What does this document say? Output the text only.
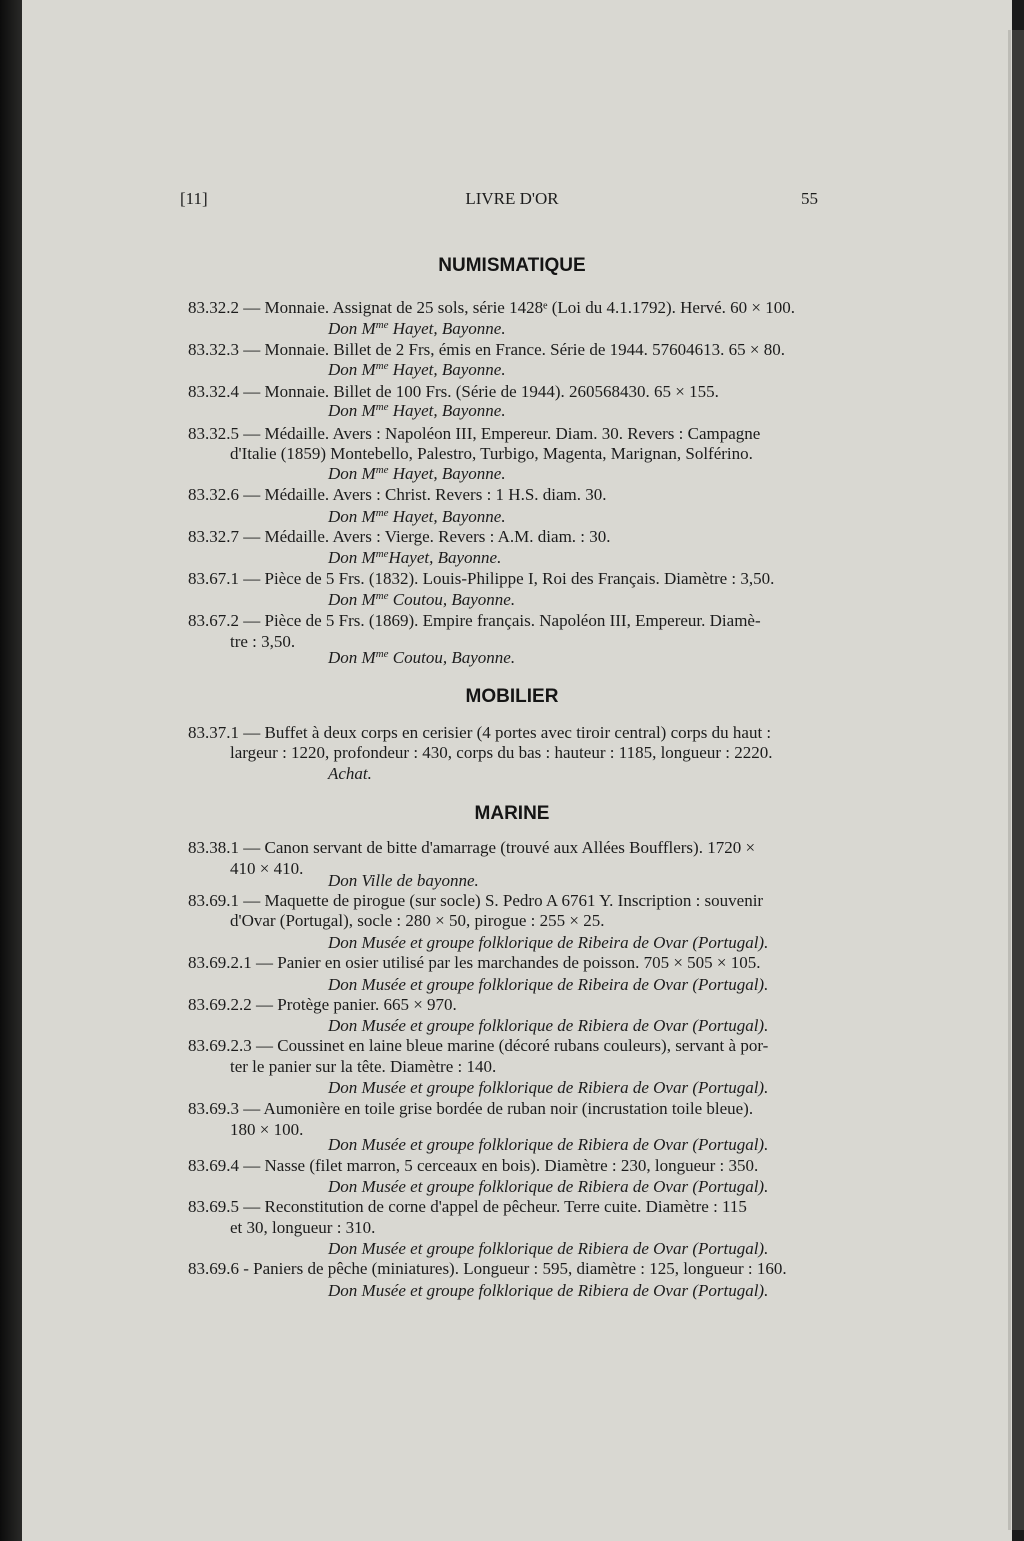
[11]	LIVRE D'OR	55
NUMISMATIQUE
MOBILIER
MARINE
83.32.2 — Monnaie. Assignat de 25 sols, série 1428ᵉ (Loi du 4.1.1792). Hervé. 60 × 100.
Don $M^{me}$ Hayet, Bayonne.
83.32.3 — Monnaie. Billet de 2 Frs, émis en France. Série de 1944. 57604613. 65 × 80.
Don $M^{me}$ Hayet, Bayonne.
83.32.4 — Monnaie. Billet de 100 Frs. (Série de 1944). 260568430. 65 × 155.
Don $M^{me}$ Hayet, Bayonne.
83.32.5 — Médaille. Avers : Napoléon III, Empereur. Diam. 30. Revers : Campagne
d'Italie (1859) Montebello, Palestro, Turbigo, Magenta, Marignan, Solférino.
Don $M^{me}$ Hayet, Bayonne.
83.32.6 — Médaille. Avers : Christ. Revers : 1 H.S. diam. 30.
Don $M^{me}$ Hayet, Bayonne.
83.32.7 — Médaille. Avers : Vierge. Revers : A.M. diam. : 30.
Don $M^{me}Hayet$, Bayonne.
83.67.1 — Pièce de 5 Frs. (1832). Louis-Philippe I, Roi des Français. Diamètre : 3,50.
Don $M^{me}$ Coutou, Bayonne.
83.67.2 — Pièce de 5 Frs. (1869). Empire français. Napoléon III, Empereur. Diamè-
tre : 3,50.
Don $M^{me}$ Coutou, Bayonne.
83.37.1 — Buffet à deux corps en cerisier (4 portes avec tiroir central) corps du haut :
largeur : 1220, profondeur : 430, corps du bas : hauteur : 1185, longueur : 2220.
Achat.
83.38.1 — Canon servant de bitte d'amarrage (trouvé aux Allées Boufflers). 1720 ×
410 × 410.
Don Ville de bayonne.
83.69.1 — Maquette de pirogue (sur socle) S. Pedro A 6761 Y. Inscription : souvenir
d'Ovar (Portugal), socle : 280 × 50, pirogue : 255 × 25.
Don Musée et groupe folklorique de Ribeira de Ovar (Portugal).
83.69.2.1 — Panier en osier utilisé par les marchandes de poisson. 705 × 505 × 105.
Don Musée et groupe folklorique de Ribeira de Ovar (Portugal).
83.69.2.2 — Protège panier. 665 × 970.
Don Musée et groupe folklorique de Ribiera de Ovar (Portugal).
83.69.2.3 — Coussinet en laine bleue marine (décoré rubans couleurs), servant à por-
ter le panier sur la tête. Diamètre : 140.
Don Musée et groupe folklorique de Ribiera de Ovar (Portugal).
83.69.3 — Aumonière en toile grise bordée de ruban noir (incrustation toile bleue).
180 × 100.
Don Musée et groupe folklorique de Ribiera de Ovar (Portugal).
83.69.4 — Nasse (filet marron, 5 cerceaux en bois). Diamètre : 230, longueur : 350.
Don Musée et groupe folklorique de Ribiera de Ovar (Portugal).
83.69.5 — Reconstitution de corne d'appel de pêcheur. Terre cuite. Diamètre : 115
et 30, longueur : 310.
Don Musée et groupe folklorique de Ribiera de Ovar (Portugal).
83.69.6 - Paniers de pêche (miniatures). Longueur : 595, diamètre : 125, longueur : 160.
Don Musée et groupe folklorique de Ribiera de Ovar (Portugal).
